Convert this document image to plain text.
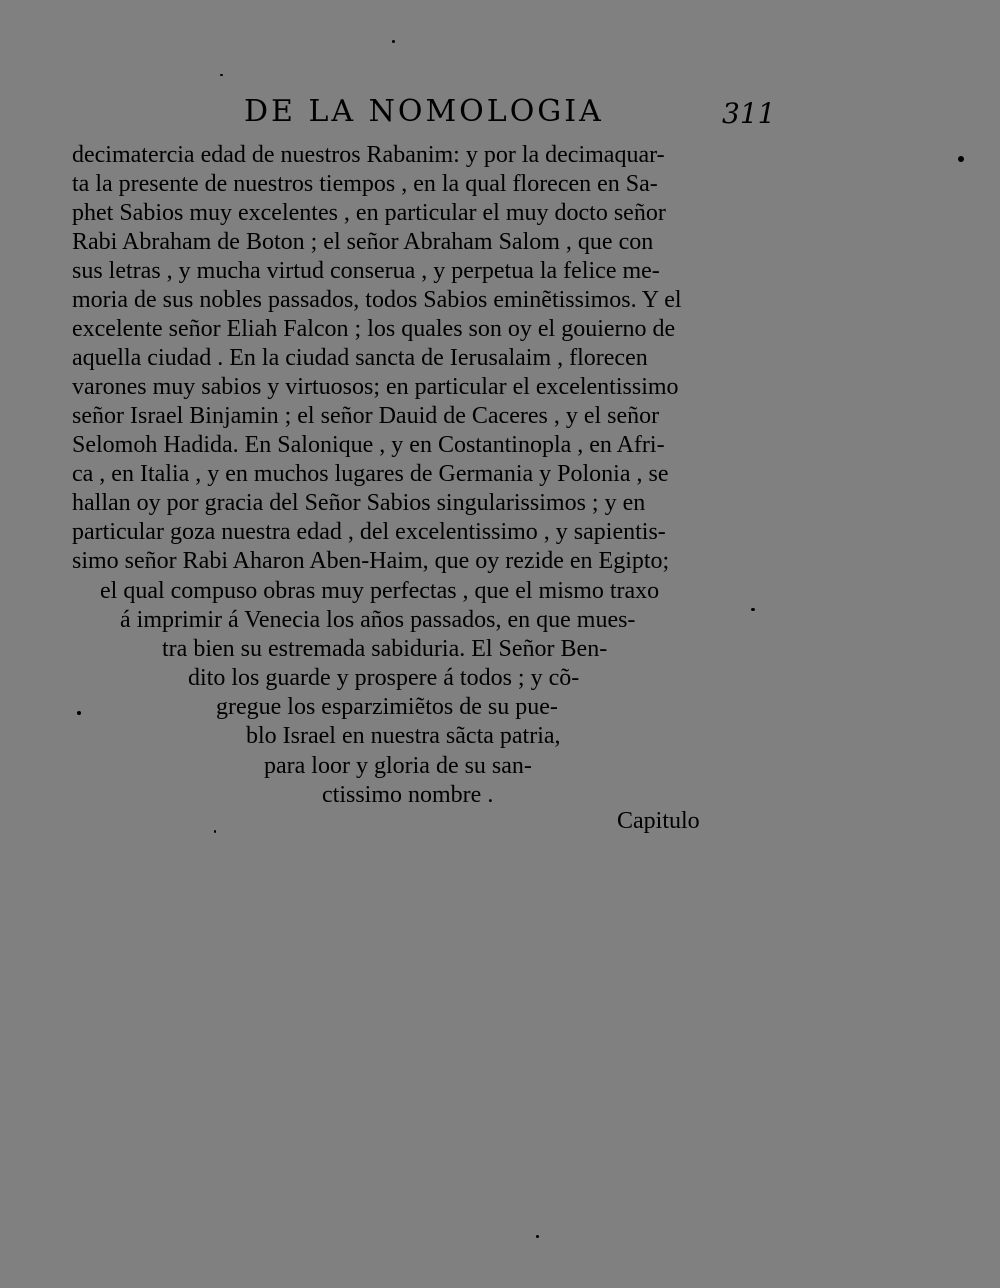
DE LA NOMOLOGIA	311
decimatercia edad de nuestros Rabanim: y por la decimaquar-
ta la presente de nuestros tiempos , en la qual florecen en Sa-
phet Sabios muy excelentes , en particular el muy docto señor
Rabi Abraham de Boton ; el señor Abraham Salom , que con
sus letras , y mucha virtud conserua , y perpetua la felice me-
moria de sus nobles passados, todos Sabios eminẽtissimos. Y el
excelente señor Eliah Falcon ; los quales son oy el gouierno de
aquella ciudad . En la ciudad sancta de Ierusalaim , florecen
varones muy sabios y virtuosos; en particular el excelentissimo
señor Israel Binjamin ; el señor Dauid de Caceres , y el señor
Selomoh Hadida. En Salonique , y en Costantinopla , en Afri-
ca , en Italia , y en muchos lugares de Germania y Polonia , se
hallan oy por gracia del Señor Sabios singularissimos ; y en
particular goza nuestra edad , del excelentissimo , y sapientis-
simo señor Rabi Aharon Aben-Haim, que oy rezide en Egipto;
el qual compuso obras muy perfectas , que el mismo traxo
á imprimir á Venecia los años passados, en que mues-
tra bien su estremada sabiduria. El Señor Ben-
dito los guarde y prospere á todos ; y cõ-
gregue los esparzimiẽtos de su pue-
blo Israel en nuestra sãcta patria,
para loor y gloria de su san-
ctissimo nombre .
Capitulo
